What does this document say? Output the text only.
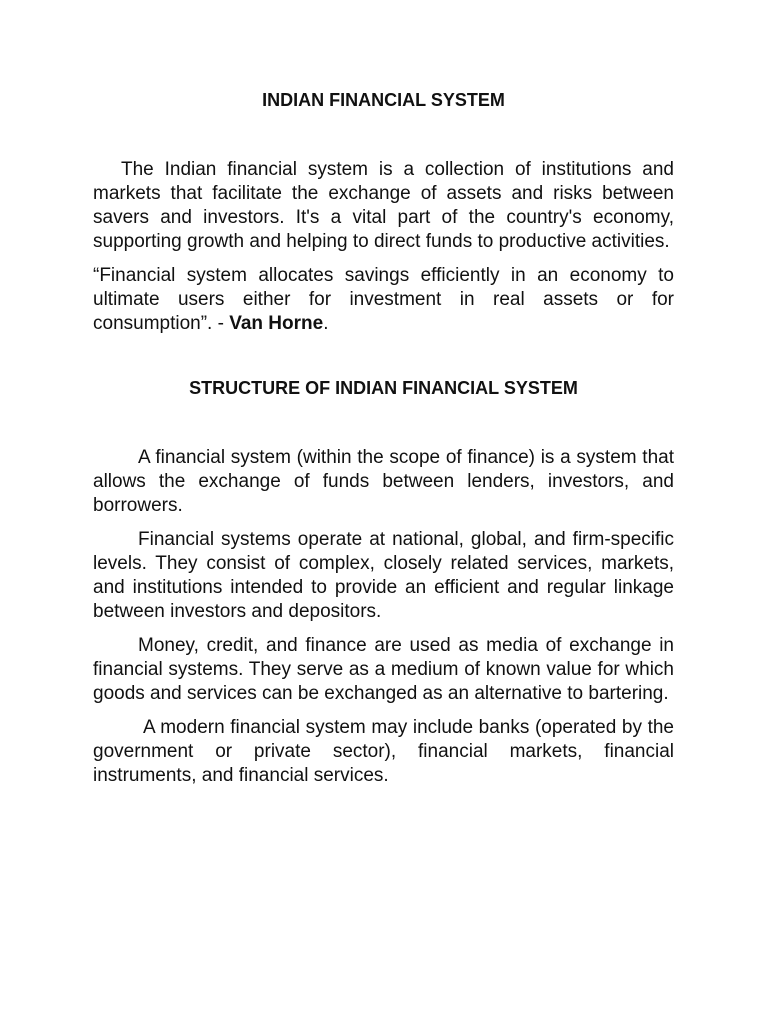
INDIAN FINANCIAL SYSTEM

The Indian financial system is a collection of institutions and markets that facilitate the exchange of assets and risks between savers and investors. It's a vital part of the country's economy, supporting growth and helping to direct funds to productive activities.

“Financial system allocates savings efficiently in an economy to ultimate users either for investment in real assets or for consumption”. - Van Horne.

STRUCTURE OF INDIAN FINANCIAL SYSTEM

A financial system (within the scope of finance) is a system that allows the exchange of funds between lenders, investors, and borrowers.

Financial systems operate at national, global, and firm-specific levels. They consist of complex, closely related services, markets, and institutions intended to provide an efficient and regular linkage between investors and depositors.

Money, credit, and finance are used as media of exchange in financial systems. They serve as a medium of known value for which goods and services can be exchanged as an alternative to bartering.

A modern financial system may include banks (operated by the government or private sector), financial markets, financial instruments, and financial services.
